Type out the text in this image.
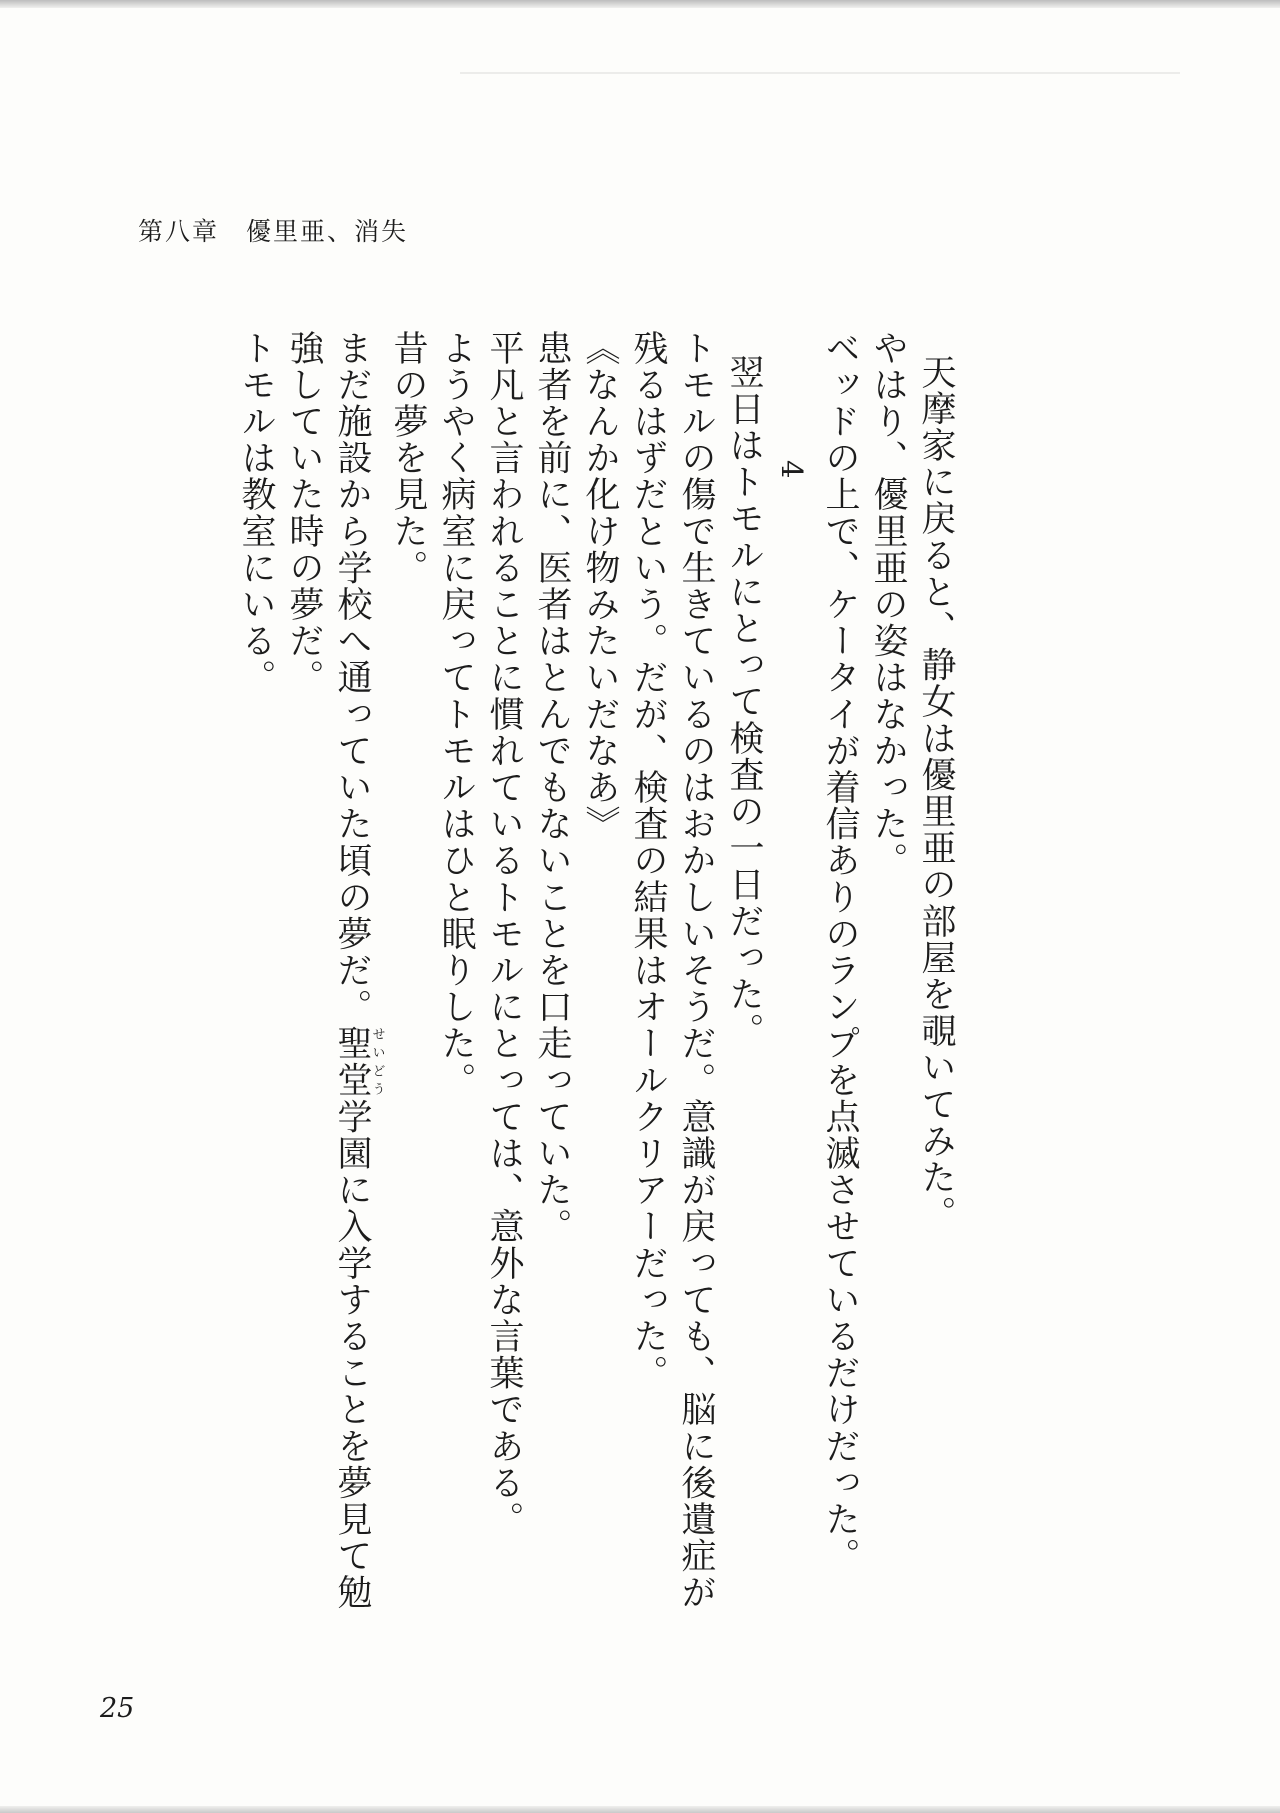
第八章　優里亜、消失
天摩家に戻ると、静女は優里亜の部屋を覗いてみた。
やはり、優里亜の姿はなかった。
ベッドの上で、ケータイが着信ありのランプを点滅させているだけだった。
4
翌日はトモルにとって検査の一日だった。
トモルの傷で生きているのはおかしいそうだ。意識が戻っても、脳に後遺症が残るはずだという。だが、検査の結果はオールクリアーだった。
《なんか化け物みたいだなあ》
患者を前に、医者はとんでもないことを口走っていた。
平凡と言われることに慣れているトモルにとっては、意外な言葉である。
ようやく病室に戻ってトモルはひと眠りした。
昔の夢を見た。
まだ施設から学校へ通っていた頃の夢だ。聖堂せいどう学園に入学することを夢見て勉強していた時の夢だ。
トモルは教室にいる。
25
